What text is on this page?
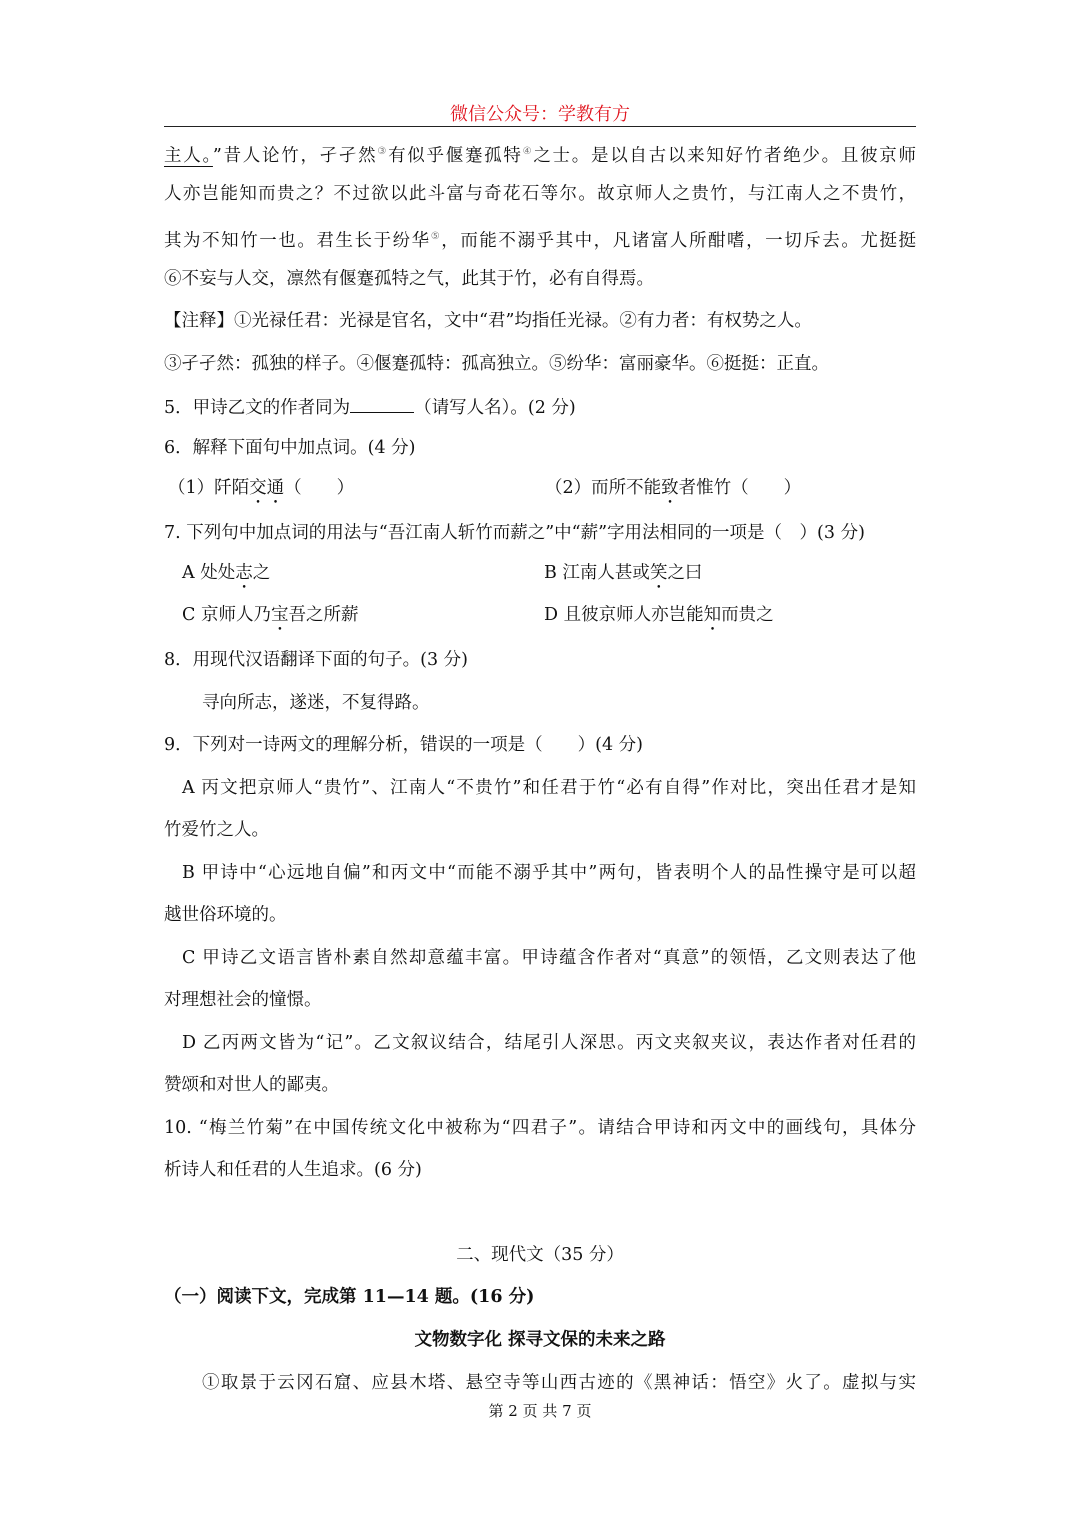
微信公众号：学教有方
主人。”昔人论竹，孑孑然③有似乎偃蹇孤特④之士。是以自古以来知好竹者绝少。且彼京师
人亦岂能知而贵之？不过欲以此斗富与奇花石等尔。故京师人之贵竹，与江南人之不贵竹，
其为不知竹一也。君生长于纷华⑤，而能不溺乎其中，凡诸富人所酣嗜，一切斥去。尤挺挺
⑥不妄与人交，凛然有偃蹇孤特之气，此其于竹，必有自得焉。
【注释】①光禄任君：光禄是官名，文中“君”均指任光禄。②有力者：有权势之人。
③孑孑然：孤独的样子。④偃蹇孤特：孤高独立。⑤纷华：富丽豪华。⑥挺挺：正直。
5．甲诗乙文的作者同为	（请写人名）。(2 分)
6．解释下面句中加点词。(4 分)
（1）阡陌交通（　　）	（2）而所不能致者惟竹（　　）
7. 下列句中加点词的用法与“吾江南人斩竹而薪之”中“薪”字用法相同的一项是（　）(3 分)
A 处处志之	B 江南人甚或笑之曰
C 京师人乃宝吾之所薪	D 且彼京师人亦岂能知而贵之
8．用现代汉语翻译下面的句子。(3 分)
寻向所志，遂迷，不复得路。
9．下列对一诗两文的理解分析，错误的一项是（　　）(4 分)
A 丙文把京师人“贵竹”、江南人“不贵竹”和任君于竹“必有自得”作对比，突出任君才是知
竹爱竹之人。
B 甲诗中“心远地自偏”和丙文中“而能不溺乎其中”两句，皆表明个人的品性操守是可以超
越世俗环境的。
C 甲诗乙文语言皆朴素自然却意蕴丰富。甲诗蕴含作者对“真意”的领悟，乙文则表达了他
对理想社会的憧憬。
D 乙丙两文皆为“记”。乙文叙议结合，结尾引人深思。丙文夹叙夹议，表达作者对任君的
赞颂和对世人的鄙夷。
10. “梅兰竹菊”在中国传统文化中被称为“四君子”。请结合甲诗和丙文中的画线句，具体分
析诗人和任君的人生追求。(6 分)
二、现代文（35 分）
（一）阅读下文，完成第 11—14 题。(16 分)
文物数字化 探寻文保的未来之路
①取景于云冈石窟、应县木塔、悬空寺等山西古迹的《黑神话：悟空》火了。虚拟与实
第 2 页 共 7 页
